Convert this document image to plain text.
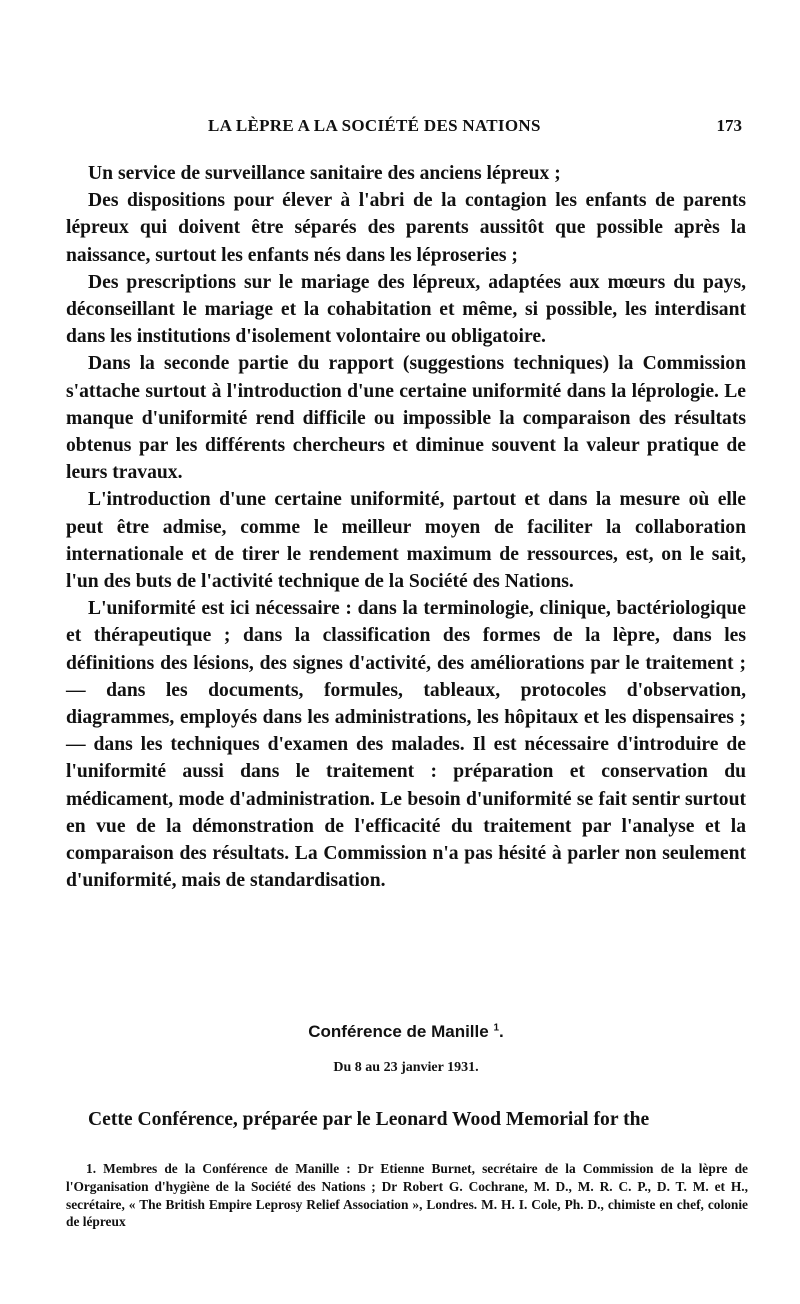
LA LÈPRE A LA SOCIÉTÉ DES NATIONS	173

Un service de surveillance sanitaire des anciens lépreux ;

Des dispositions pour élever à l'abri de la contagion les enfants de parents lépreux qui doivent être séparés des parents aussitôt que possible après la naissance, surtout les enfants nés dans les léproseries ;

Des prescriptions sur le mariage des lépreux, adaptées aux mœurs du pays, déconseillant le mariage et la cohabitation et même, si possible, les interdisant dans les institutions d'isolement volontaire ou obligatoire.

Dans la seconde partie du rapport (suggestions techniques) la Commission s'attache surtout à l'introduction d'une certaine uniformité dans la léprologie. Le manque d'uniformité rend difficile ou impossible la comparaison des résultats obtenus par les différents chercheurs et diminue souvent la valeur pratique de leurs travaux.

L'introduction d'une certaine uniformité, partout et dans la mesure où elle peut être admise, comme le meilleur moyen de faciliter la collaboration internationale et de tirer le rendement maximum de ressources, est, on le sait, l'un des buts de l'activité technique de la Société des Nations.

L'uniformité est ici nécessaire : dans la terminologie, clinique, bactériologique et thérapeutique ; dans la classification des formes de la lèpre, dans les définitions des lésions, des signes d'activité, des améliorations par le traitement ; — dans les documents, formules, tableaux, protocoles d'observation, diagrammes, employés dans les administrations, les hôpitaux et les dispensaires ; — dans les techniques d'examen des malades. Il est nécessaire d'introduire de l'uniformité aussi dans le traitement : préparation et conservation du médicament, mode d'administration. Le besoin d'uniformité se fait sentir surtout en vue de la démonstration de l'efficacité du traitement par l'analyse et la comparaison des résultats. La Commission n'a pas hésité à parler non seulement d'uniformité, mais de standardisation.

Conférence de Manille $^1$.
Du 8 au 23 janvier 1931.

Cette Conférence, préparée par le Leonard Wood Memorial for the

1. Membres de la Conférence de Manille : Dr Etienne Burnet, secrétaire de la Commission de la lèpre de l'Organisation d'hygiène de la Société des Nations ; Dr Robert G. Cochrane, M. D., M. R. C. P., D. T. M. et H., secrétaire, « The British Empire Leprosy Relief Association », Londres. M. H. I. Cole, Ph. D., chimiste en chef, colonie de lépreux
